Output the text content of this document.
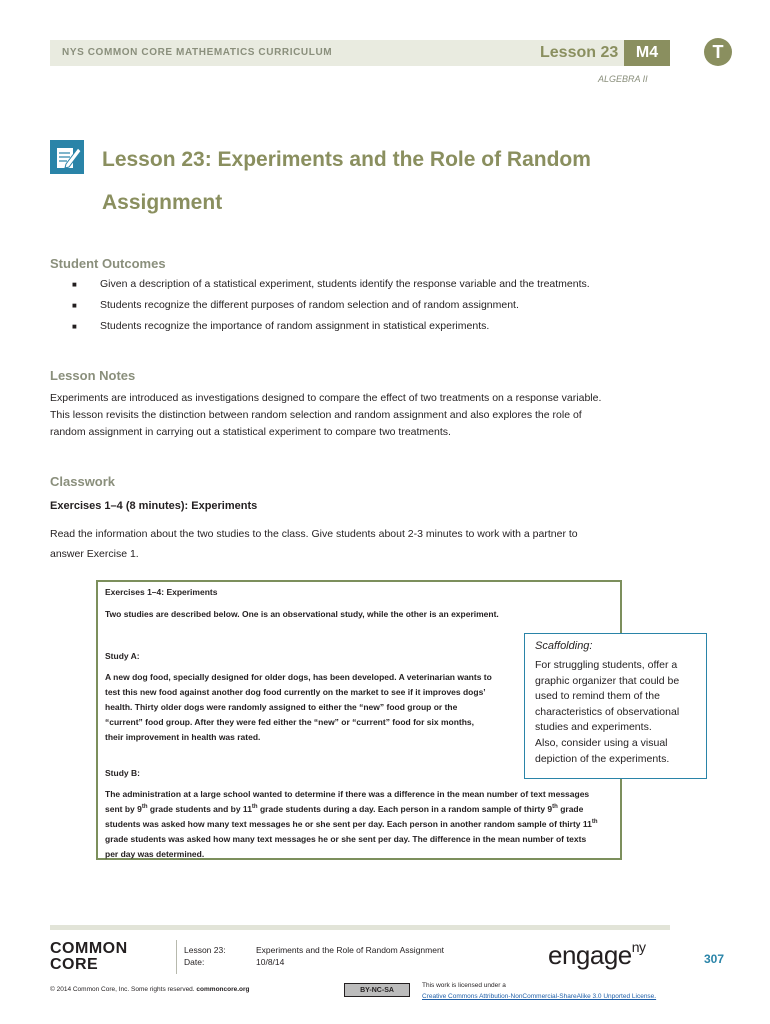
NYS COMMON CORE MATHEMATICS CURRICULUM	Lesson 23	M4
ALGEBRA II
T
Lesson 23: Experiments and the Role of Random Assignment
Student Outcomes
■ Given a description of a statistical experiment, students identify the response variable and the treatments.
■ Students recognize the different purposes of random selection and of random assignment.
■ Students recognize the importance of random assignment in statistical experiments.
Lesson Notes
Experiments are introduced as investigations designed to compare the effect of two treatments on a response variable.
This lesson revisits the distinction between random selection and random assignment and also explores the role of
random assignment in carrying out a statistical experiment to compare two treatments.
Classwork
Exercises 1–4 (8 minutes): Experiments
Read the information about the two studies to the class. Give students about 2-3 minutes to work with a partner to
answer Exercise 1.
Exercises 1–4: Experiments
Two studies are described below. One is an observational study, while the other is an experiment.
Study A:
A new dog food, specially designed for older dogs, has been developed. A veterinarian wants to
test this new food against another dog food currently on the market to see if it improves dogs’
health. Thirty older dogs were randomly assigned to either the “new” food group or the
“current” food group. After they were fed either the “new” or “current” food for six months,
their improvement in health was rated.
Study B:
The administration at a large school wanted to determine if there was a difference in the mean number of text messages
sent by 9th grade students and by 11th grade students during a day. Each person in a random sample of thirty 9th grade
students was asked how many text messages he or she sent per day. Each person in another random sample of thirty 11th
grade students was asked how many text messages he or she sent per day. The difference in the mean number of texts
per day was determined.
Scaffolding:
For struggling students, offer a
graphic organizer that could be
used to remind them of the
characteristics of observational
studies and experiments.
Also, consider using a visual
depiction of the experiments.
COMMON
CORE
Lesson 23:
Date:
Experiments and the Role of Random Assignment
10/8/14	engage$^{ny}$
307
© 2014 Common Core, Inc. Some rights reserved. commoncore.org	BY-NC-SA
This work is licensed under a
Creative Commons Attribution-NonCommercial-ShareAlike 3.0 Unported License.
